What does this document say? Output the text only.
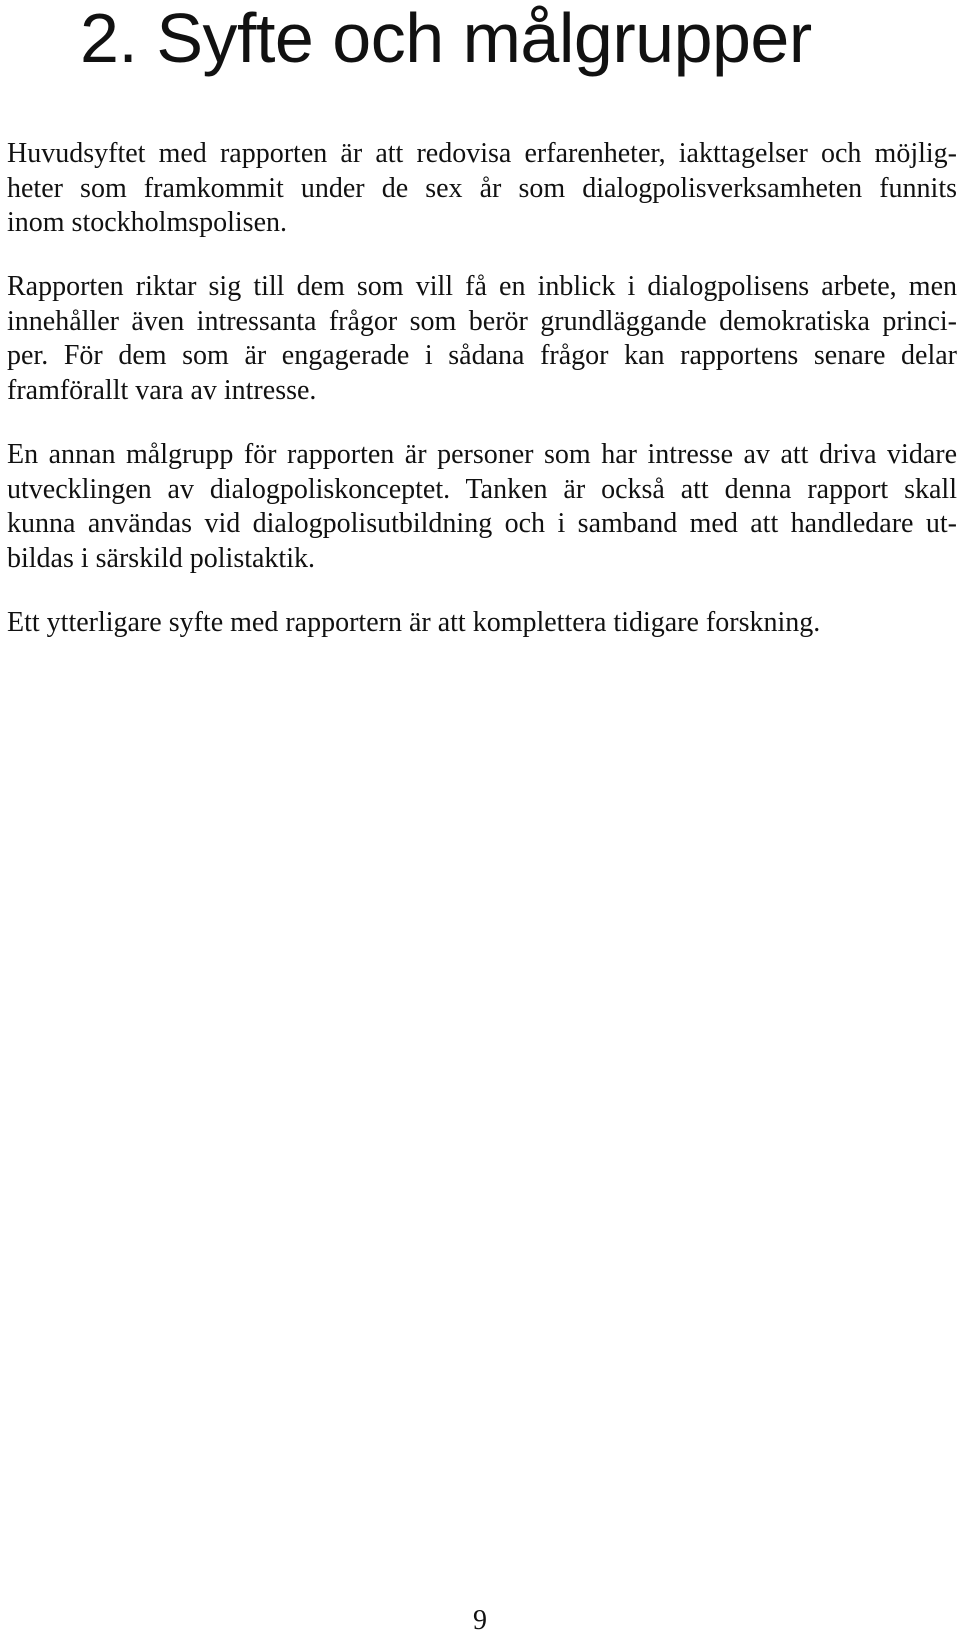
2. Syfte och målgrupper
Huvudsyftet med rapporten är att redovisa erfarenheter, iakttagelser och möjlig-
heter som framkommit under de sex år som dialogpolisverksamheten funnits
inom stockholmspolisen.
Rapporten riktar sig till dem som vill få en inblick i dialogpolisens arbete, men
innehåller även intressanta frågor som berör grundläggande demokratiska princi-
per. För dem som är engagerade i sådana frågor kan rapportens senare delar
framförallt vara av intresse.
En annan målgrupp för rapporten är personer som har intresse av att driva vidare
utvecklingen av dialogpoliskonceptet. Tanken är också att denna rapport skall
kunna användas vid dialogpolisutbildning och i samband med att handledare ut-
bildas i särskild polistaktik.
Ett ytterligare syfte med rapportern är att komplettera tidigare forskning.
9
